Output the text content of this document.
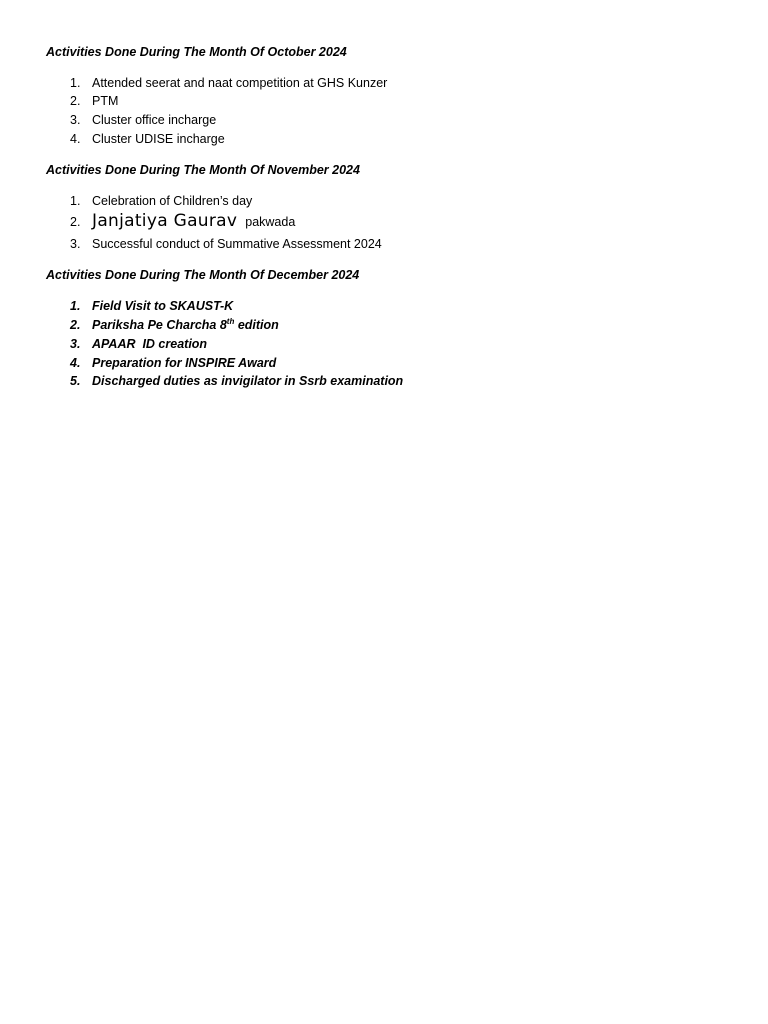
Activities Done During The Month Of October 2024
1. Attended seerat and naat competition at GHS Kunzer
2. PTM
3. Cluster office incharge
4. Cluster UDISE incharge
Activities Done During The Month Of November 2024
1. Celebration of Children’s day
2. Janjatiya Gaurav pakwada
3. Successful conduct of Summative Assessment 2024
Activities Done During The Month Of December 2024
1. Field Visit to SKAUST-K
2. Pariksha Pe Charcha 8th edition
3. APAAR  ID creation
4. Preparation for INSPIRE Award
5. Discharged duties as invigilator in Ssrb examination
